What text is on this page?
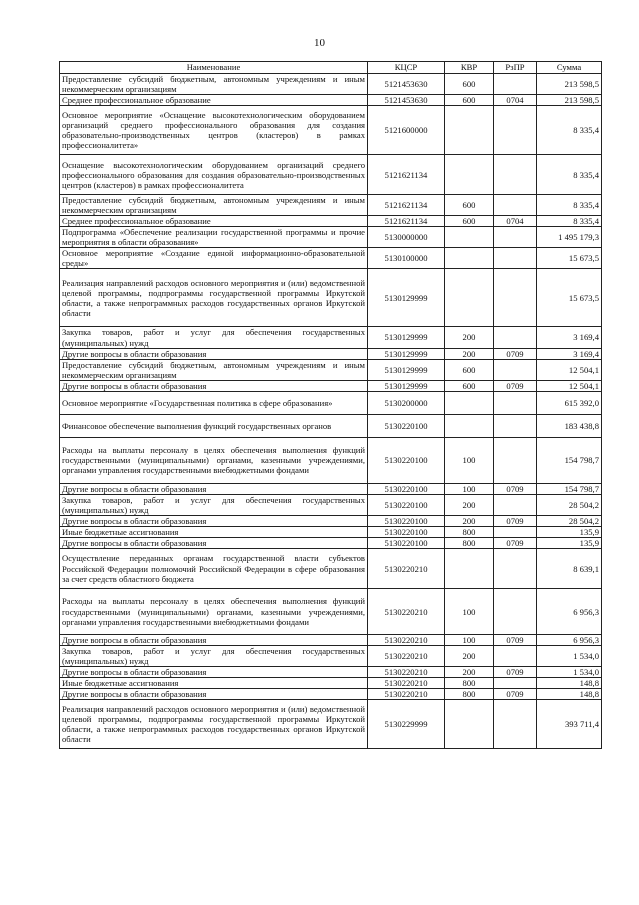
10
Наименование	КЦСР	КВР	РзПР	Сумма
Предоставление субсидий бюджетным, автономным учреждениям и иным некоммерческим организациям	5121453630	600		213 598,5
Среднее профессиональное образование	5121453630	600	0704	213 598,5
Основное мероприятие «Оснащение высокотехнологическим оборудованием организаций среднего профессионального образования для создания образовательно-производственных центров (кластеров) в рамках профессионалитета»	5121600000			8 335,4
Оснащение высокотехнологическим оборудованием организаций среднего профессионального образования для создания образовательно-производственных центров (кластеров) в рамках профессионалитета	5121621134			8 335,4
Предоставление субсидий бюджетным, автономным учреждениям и иным некоммерческим организациям	5121621134	600		8 335,4
Среднее профессиональное образование	5121621134	600	0704	8 335,4
Подпрограмма «Обеспечение реализации государственной программы и прочие мероприятия в области образования»	5130000000			1 495 179,3
Основное мероприятие «Создание единой информационно-образовательной среды»	5130100000			15 673,5
Реализация направлений расходов основного мероприятия и (или) ведомственной целевой программы, подпрограммы государственной программы Иркутской области, а также непрограммных расходов государственных органов Иркутской области	5130129999			15 673,5
Закупка товаров, работ и услуг для обеспечения государственных (муниципальных) нужд	5130129999	200		3 169,4
Другие вопросы в области образования	5130129999	200	0709	3 169,4
Предоставление субсидий бюджетным, автономным учреждениям и иным некоммерческим организациям	5130129999	600		12 504,1
Другие вопросы в области образования	5130129999	600	0709	12 504,1
Основное мероприятие «Государственная политика в сфере образования»	5130200000			615 392,0
Финансовое обеспечение выполнения функций государственных органов	5130220100			183 438,8
Расходы на выплаты персоналу в целях обеспечения выполнения функций государственными (муниципальными) органами, казенными учреждениями, органами управления государственными внебюджетными фондами	5130220100	100		154 798,7
Другие вопросы в области образования	5130220100	100	0709	154 798,7
Закупка товаров, работ и услуг для обеспечения государственных (муниципальных) нужд	5130220100	200		28 504,2
Другие вопросы в области образования	5130220100	200	0709	28 504,2
Иные бюджетные ассигнования	5130220100	800		135,9
Другие вопросы в области образования	5130220100	800	0709	135,9
Осуществление переданных органам государственной власти субъектов Российской Федерации полномочий Российской Федерации в сфере образования за счет средств областного бюджета	5130220210			8 639,1
Расходы на выплаты персоналу в целях обеспечения выполнения функций государственными (муниципальными) органами, казенными учреждениями, органами управления государственными внебюджетными фондами	5130220210	100		6 956,3
Другие вопросы в области образования	5130220210	100	0709	6 956,3
Закупка товаров, работ и услуг для обеспечения государственных (муниципальных) нужд	5130220210	200		1 534,0
Другие вопросы в области образования	5130220210	200	0709	1 534,0
Иные бюджетные ассигнования	5130220210	800		148,8
Другие вопросы в области образования	5130220210	800	0709	148,8
Реализация направлений расходов основного мероприятия и (или) ведомственной целевой программы, подпрограммы государственной программы Иркутской области, а также непрограммных расходов государственных органов Иркутской области	5130229999			393 711,4
